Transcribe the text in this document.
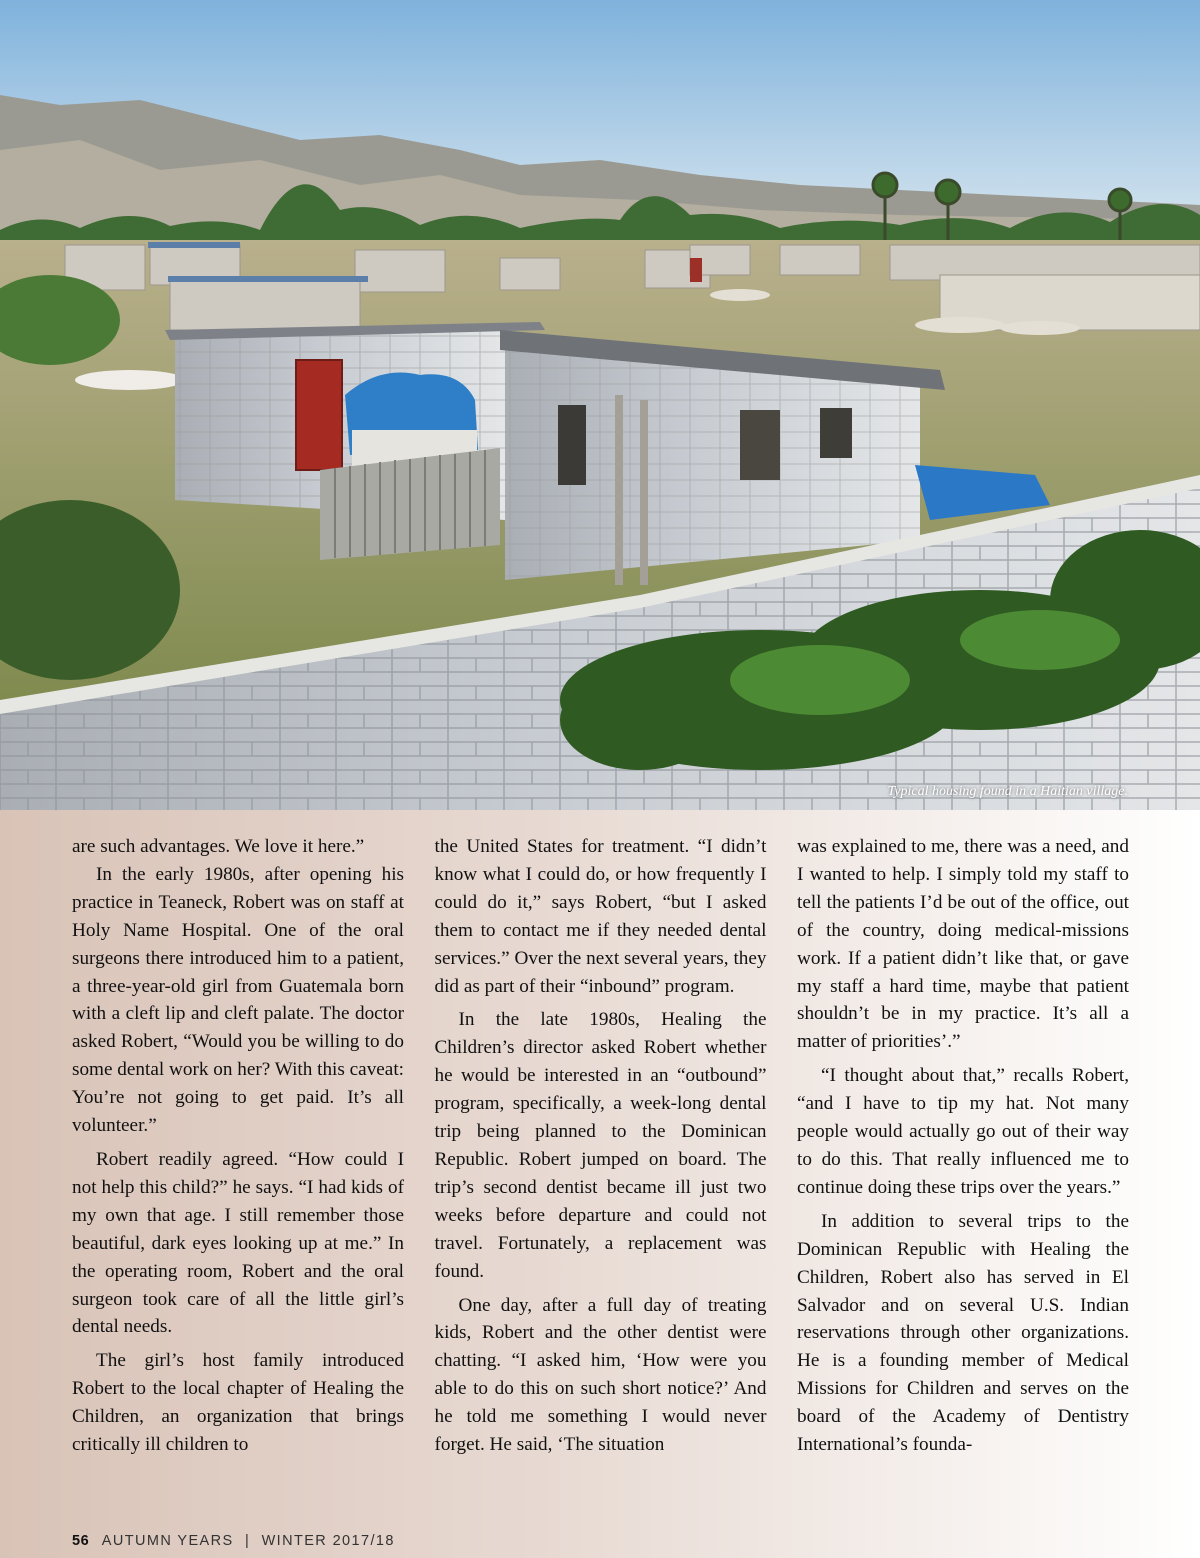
Typical housing found in a Haitian village.

are such advantages. We love it here.”

In the early 1980s, after opening his practice in Teaneck, Robert was on staff at Holy Name Hospital. One of the oral surgeons there introduced him to a patient, a three-year-old girl from Guatemala born with a cleft lip and cleft palate. The doctor asked Robert, “Would you be willing to do some dental work on her? With this caveat: You’re not going to get paid. It’s all volunteer.”

Robert readily agreed. “How could I not help this child?” he says. “I had kids of my own that age. I still remember those beautiful, dark eyes looking up at me.” In the operating room, Robert and the oral surgeon took care of all the little girl’s dental needs.

The girl’s host family introduced Robert to the local chapter of Healing the Children, an organization that brings critically ill children to

the United States for treatment. “I didn’t know what I could do, or how frequently I could do it,” says Robert, “but I asked them to contact me if they needed dental services.” Over the next several years, they did as part of their “inbound” program.

In the late 1980s, Healing the Children’s director asked Robert whether he would be interested in an “outbound” program, specifically, a week-long dental trip being planned to the Dominican Republic. Robert jumped on board. The trip’s second dentist became ill just two weeks before departure and could not travel. Fortunately, a replacement was found.

One day, after a full day of treating kids, Robert and the other dentist were chatting. “I asked him, ‘How were you able to do this on such short notice?’ And he told me something I would never forget. He said, ‘The situation

was explained to me, there was a need, and I wanted to help. I simply told my staff to tell the patients I’d be out of the office, out of the country, doing medical-missions work. If a patient didn’t like that, or gave my staff a hard time, maybe that patient shouldn’t be in my practice. It’s all a matter of priorities’.”

“I thought about that,” recalls Robert, “and I have to tip my hat. Not many people would actually go out of their way to do this. That really influenced me to continue doing these trips over the years.”

In addition to several trips to the Dominican Republic with Healing the Children, Robert also has served in El Salvador and on several U.S. Indian reservations through other organizations. He is a founding member of Medical Missions for Children and serves on the board of the Academy of Dentistry International’s founda-

56 AUTUMN YEARS | WINTER 2017/18
